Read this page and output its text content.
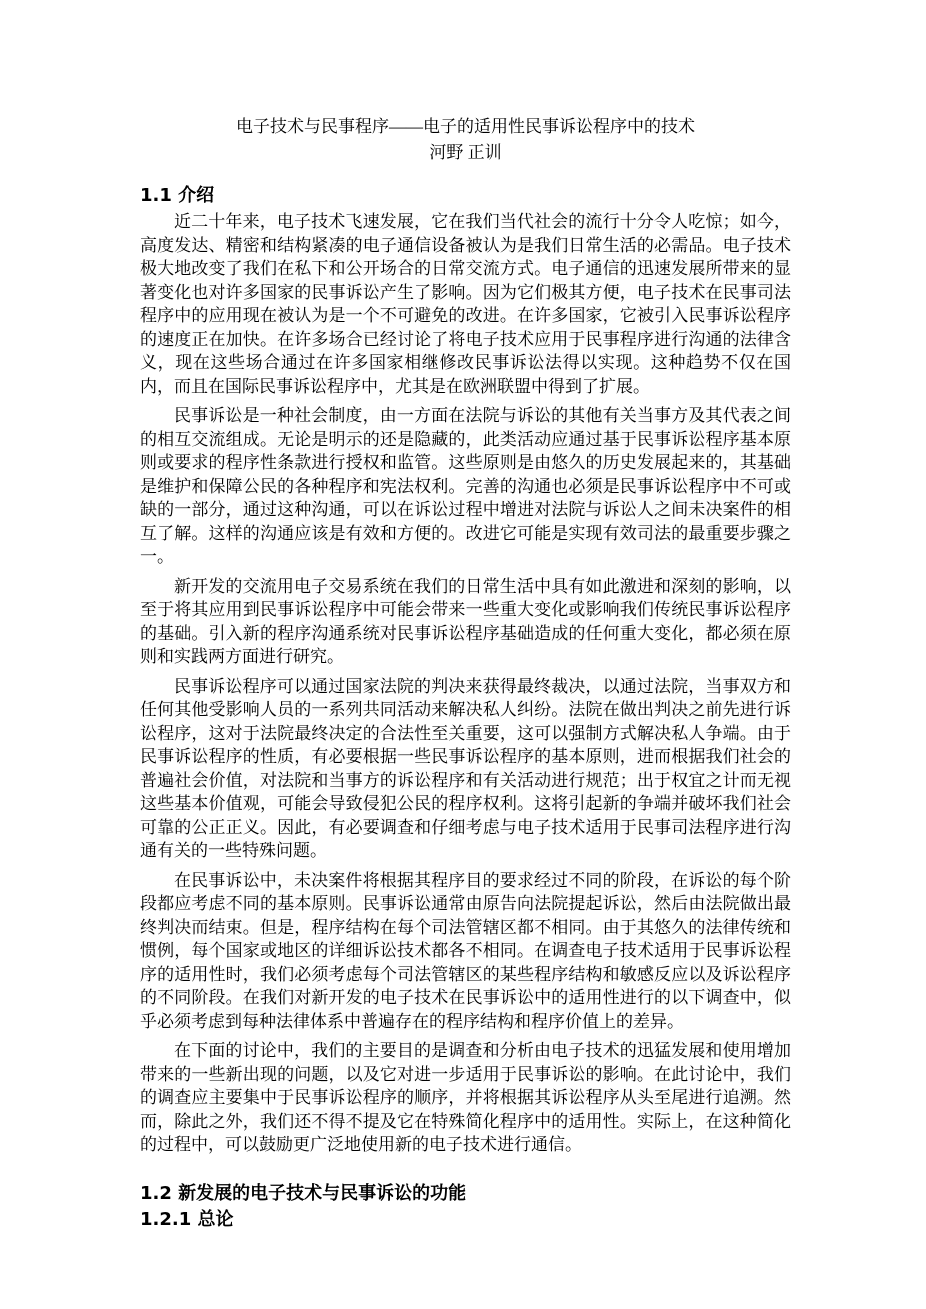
电子技术与民事程序——电子的适用性民事诉讼程序中的技术
河野 正训
1.1 介绍

近二十年来，电子技术飞速发展，它在我们当代社会的流行十分令人吃惊；如今，高度发达、精密和结构紧凑的电子通信设备被认为是我们日常生活的必需品。电子技术极大地改变了我们在私下和公开场合的日常交流方式。电子通信的迅速发展所带来的显著变化也对许多国家的民事诉讼产生了影响。因为它们极其方便，电子技术在民事司法程序中的应用现在被认为是一个不可避免的改进。在许多国家，它被引入民事诉讼程序的速度正在加快。在许多场合已经讨论了将电子技术应用于民事程序进行沟通的法律含义，现在这些场合通过在许多国家相继修改民事诉讼法得以实现。这种趋势不仅在国内，而且在国际民事诉讼程序中，尤其是在欧洲联盟中得到了扩展。

民事诉讼是一种社会制度，由一方面在法院与诉讼的其他有关当事方及其代表之间的相互交流组成。无论是明示的还是隐藏的，此类活动应通过基于民事诉讼程序基本原则或要求的程序性条款进行授权和监管。这些原则是由悠久的历史发展起来的，其基础是维护和保障公民的各种程序和宪法权利。完善的沟通也必须是民事诉讼程序中不可或缺的一部分，通过这种沟通，可以在诉讼过程中增进对法院与诉讼人之间未决案件的相互了解。这样的沟通应该是有效和方便的。改进它可能是实现有效司法的最重要步骤之一。

新开发的交流用电子交易系统在我们的日常生活中具有如此激进和深刻的影响，以至于将其应用到民事诉讼程序中可能会带来一些重大变化或影响我们传统民事诉讼程序的基础。引入新的程序沟通系统对民事诉讼程序基础造成的任何重大变化，都必须在原则和实践两方面进行研究。

民事诉讼程序可以通过国家法院的判决来获得最终裁决，以通过法院，当事双方和任何其他受影响人员的一系列共同活动来解决私人纠纷。法院在做出判决之前先进行诉讼程序，这对于法院最终决定的合法性至关重要，这可以强制方式解决私人争端。由于民事诉讼程序的性质，有必要根据一些民事诉讼程序的基本原则，进而根据我们社会的普遍社会价值，对法院和当事方的诉讼程序和有关活动进行规范；出于权宜之计而无视这些基本价值观，可能会导致侵犯公民的程序权利。这将引起新的争端并破坏我们社会可靠的公正正义。因此，有必要调查和仔细考虑与电子技术适用于民事司法程序进行沟通有关的一些特殊问题。

在民事诉讼中，未决案件将根据其程序目的要求经过不同的阶段，在诉讼的每个阶段都应考虑不同的基本原则。民事诉讼通常由原告向法院提起诉讼，然后由法院做出最终判决而结束。但是，程序结构在每个司法管辖区都不相同。由于其悠久的法律传统和惯例，每个国家或地区的详细诉讼技术都各不相同。在调查电子技术适用于民事诉讼程序的适用性时，我们必须考虑每个司法管辖区的某些程序结构和敏感反应以及诉讼程序的不同阶段。在我们对新开发的电子技术在民事诉讼中的适用性进行的以下调查中，似乎必须考虑到每种法律体系中普遍存在的程序结构和程序价值上的差异。

在下面的讨论中，我们的主要目的是调查和分析由电子技术的迅猛发展和使用增加带来的一些新出现的问题，以及它对进一步适用于民事诉讼的影响。在此讨论中，我们的调查应主要集中于民事诉讼程序的顺序，并将根据其诉讼程序从头至尾进行追溯。然而，除此之外，我们还不得不提及它在特殊简化程序中的适用性。实际上，在这种简化的过程中，可以鼓励更广泛地使用新的电子技术进行通信。

1.2 新发展的电子技术与民事诉讼的功能
1.2.1 总论
